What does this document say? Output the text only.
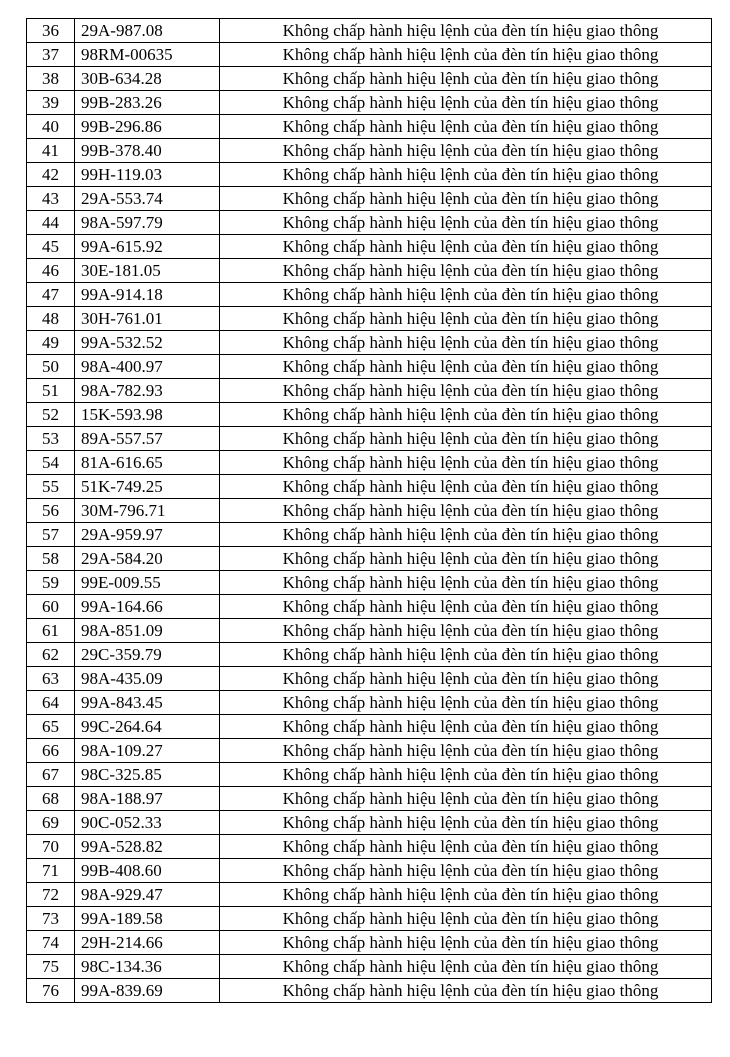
36	29A-987.08	Không chấp hành hiệu lệnh của đèn tín hiệu giao thông
37	98RM-00635	Không chấp hành hiệu lệnh của đèn tín hiệu giao thông
38	30B-634.28	Không chấp hành hiệu lệnh của đèn tín hiệu giao thông
39	99B-283.26	Không chấp hành hiệu lệnh của đèn tín hiệu giao thông
40	99B-296.86	Không chấp hành hiệu lệnh của đèn tín hiệu giao thông
41	99B-378.40	Không chấp hành hiệu lệnh của đèn tín hiệu giao thông
42	99H-119.03	Không chấp hành hiệu lệnh của đèn tín hiệu giao thông
43	29A-553.74	Không chấp hành hiệu lệnh của đèn tín hiệu giao thông
44	98A-597.79	Không chấp hành hiệu lệnh của đèn tín hiệu giao thông
45	99A-615.92	Không chấp hành hiệu lệnh của đèn tín hiệu giao thông
46	30E-181.05	Không chấp hành hiệu lệnh của đèn tín hiệu giao thông
47	99A-914.18	Không chấp hành hiệu lệnh của đèn tín hiệu giao thông
48	30H-761.01	Không chấp hành hiệu lệnh của đèn tín hiệu giao thông
49	99A-532.52	Không chấp hành hiệu lệnh của đèn tín hiệu giao thông
50	98A-400.97	Không chấp hành hiệu lệnh của đèn tín hiệu giao thông
51	98A-782.93	Không chấp hành hiệu lệnh của đèn tín hiệu giao thông
52	15K-593.98	Không chấp hành hiệu lệnh của đèn tín hiệu giao thông
53	89A-557.57	Không chấp hành hiệu lệnh của đèn tín hiệu giao thông
54	81A-616.65	Không chấp hành hiệu lệnh của đèn tín hiệu giao thông
55	51K-749.25	Không chấp hành hiệu lệnh của đèn tín hiệu giao thông
56	30M-796.71	Không chấp hành hiệu lệnh của đèn tín hiệu giao thông
57	29A-959.97	Không chấp hành hiệu lệnh của đèn tín hiệu giao thông
58	29A-584.20	Không chấp hành hiệu lệnh của đèn tín hiệu giao thông
59	99E-009.55	Không chấp hành hiệu lệnh của đèn tín hiệu giao thông
60	99A-164.66	Không chấp hành hiệu lệnh của đèn tín hiệu giao thông
61	98A-851.09	Không chấp hành hiệu lệnh của đèn tín hiệu giao thông
62	29C-359.79	Không chấp hành hiệu lệnh của đèn tín hiệu giao thông
63	98A-435.09	Không chấp hành hiệu lệnh của đèn tín hiệu giao thông
64	99A-843.45	Không chấp hành hiệu lệnh của đèn tín hiệu giao thông
65	99C-264.64	Không chấp hành hiệu lệnh của đèn tín hiệu giao thông
66	98A-109.27	Không chấp hành hiệu lệnh của đèn tín hiệu giao thông
67	98C-325.85	Không chấp hành hiệu lệnh của đèn tín hiệu giao thông
68	98A-188.97	Không chấp hành hiệu lệnh của đèn tín hiệu giao thông
69	90C-052.33	Không chấp hành hiệu lệnh của đèn tín hiệu giao thông
70	99A-528.82	Không chấp hành hiệu lệnh của đèn tín hiệu giao thông
71	99B-408.60	Không chấp hành hiệu lệnh của đèn tín hiệu giao thông
72	98A-929.47	Không chấp hành hiệu lệnh của đèn tín hiệu giao thông
73	99A-189.58	Không chấp hành hiệu lệnh của đèn tín hiệu giao thông
74	29H-214.66	Không chấp hành hiệu lệnh của đèn tín hiệu giao thông
75	98C-134.36	Không chấp hành hiệu lệnh của đèn tín hiệu giao thông
76	99A-839.69	Không chấp hành hiệu lệnh của đèn tín hiệu giao thông
